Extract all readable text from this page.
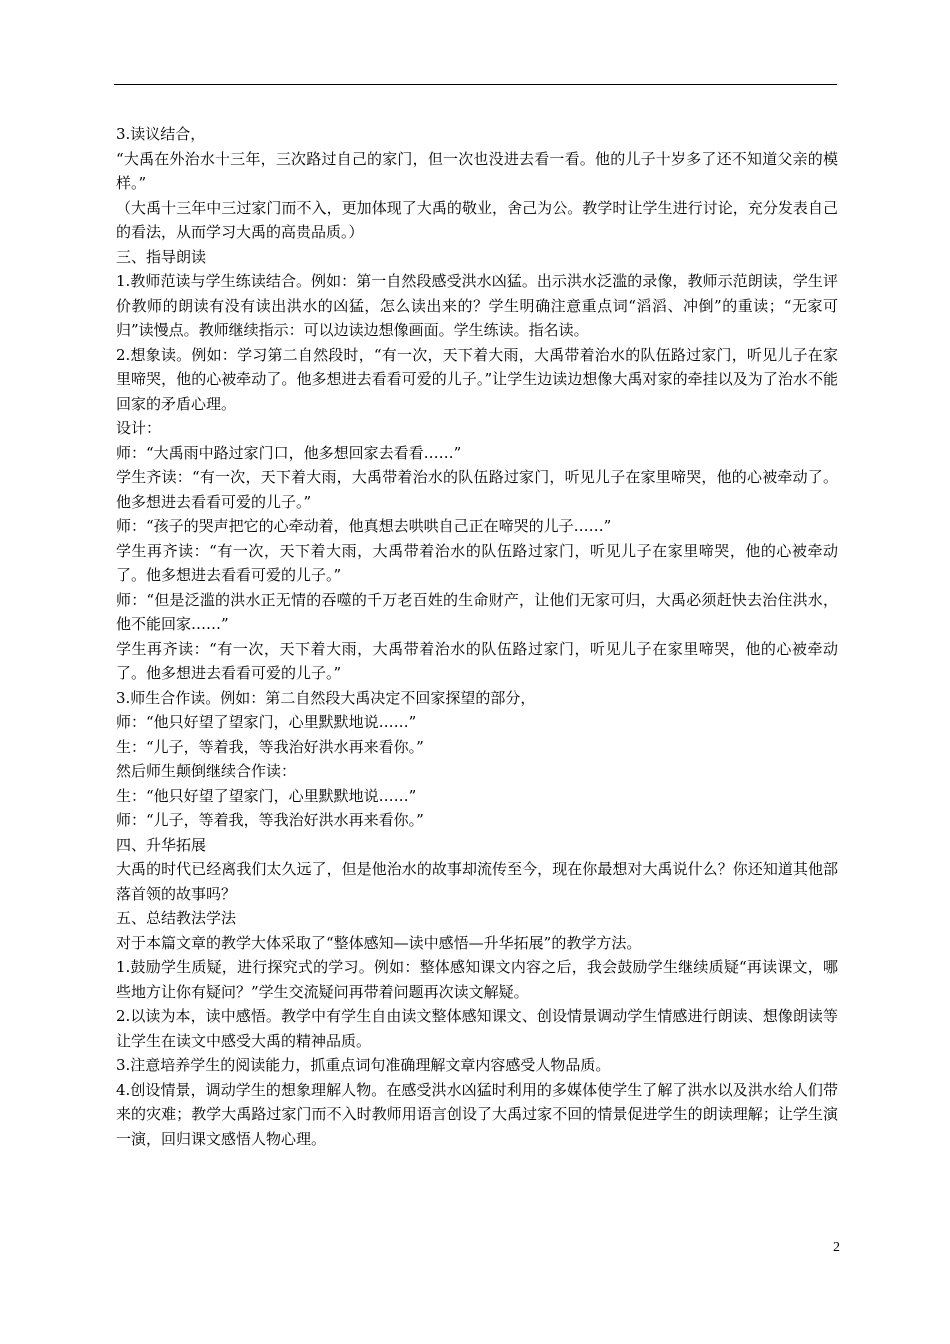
3.读议结合，

“大禹在外治水十三年，三次路过自己的家门，但一次也没进去看一看。他的儿子十岁多了还不知道父亲的模样。”

（大禹十三年中三过家门而不入，更加体现了大禹的敬业，舍己为公。教学时让学生进行讨论，充分发表自己的看法，从而学习大禹的高贵品质。）

三、指导朗读

1.教师范读与学生练读结合。例如：第一自然段感受洪水凶猛。出示洪水泛滥的录像，教师示范朗读，学生评价教师的朗读有没有读出洪水的凶猛，怎么读出来的？学生明确注意重点词“滔滔、冲倒”的重读；“无家可归”读慢点。教师继续指示：可以边读边想像画面。学生练读。指名读。

2.想象读。例如：学习第二自然段时，“有一次，天下着大雨，大禹带着治水的队伍路过家门，听见儿子在家里啼哭，他的心被牵动了。他多想进去看看可爱的儿子。”让学生边读边想像大禹对家的牵挂以及为了治水不能回家的矛盾心理。

设计：

师：“大禹雨中路过家门口，他多想回家去看看……”

学生齐读：“有一次，天下着大雨，大禹带着治水的队伍路过家门，听见儿子在家里啼哭，他的心被牵动了。他多想进去看看可爱的儿子。”

师：“孩子的哭声把它的心牵动着，他真想去哄哄自己正在啼哭的儿子……”

学生再齐读：“有一次，天下着大雨，大禹带着治水的队伍路过家门，听见儿子在家里啼哭，他的心被牵动了。他多想进去看看可爱的儿子。”

师：“但是泛滥的洪水正无情的吞噬的千万老百姓的生命财产，让他们无家可归，大禹必须赶快去治住洪水，他不能回家……”

学生再齐读：“有一次，天下着大雨，大禹带着治水的队伍路过家门，听见儿子在家里啼哭，他的心被牵动了。他多想进去看看可爱的儿子。”

3.师生合作读。例如：第二自然段大禹决定不回家探望的部分，

师：“他只好望了望家门，心里默默地说……”

生：“儿子，等着我，等我治好洪水再来看你。”

然后师生颠倒继续合作读：

生：“他只好望了望家门，心里默默地说……”

师：“儿子，等着我，等我治好洪水再来看你。”

四、升华拓展

大禹的时代已经离我们太久远了，但是他治水的故事却流传至今，现在你最想对大禹说什么？你还知道其他部落首领的故事吗？

五、总结教法学法

对于本篇文章的教学大体采取了“整体感知—读中感悟—升华拓展”的教学方法。

1.鼓励学生质疑，进行探究式的学习。例如：整体感知课文内容之后，我会鼓励学生继续质疑“再读课文，哪些地方让你有疑问？”学生交流疑问再带着问题再次读文解疑。

2.以读为本，读中感悟。教学中有学生自由读文整体感知课文、创设情景调动学生情感进行朗读、想像朗读等让学生在读文中感受大禹的精神品质。

3.注意培养学生的阅读能力，抓重点词句准确理解文章内容感受人物品质。

4.创设情景，调动学生的想象理解人物。在感受洪水凶猛时利用的多媒体使学生了解了洪水以及洪水给人们带来的灾难；教学大禹路过家门而不入时教师用语言创设了大禹过家不回的情景促进学生的朗读理解；让学生演一演，回归课文感悟人物心理。

2
